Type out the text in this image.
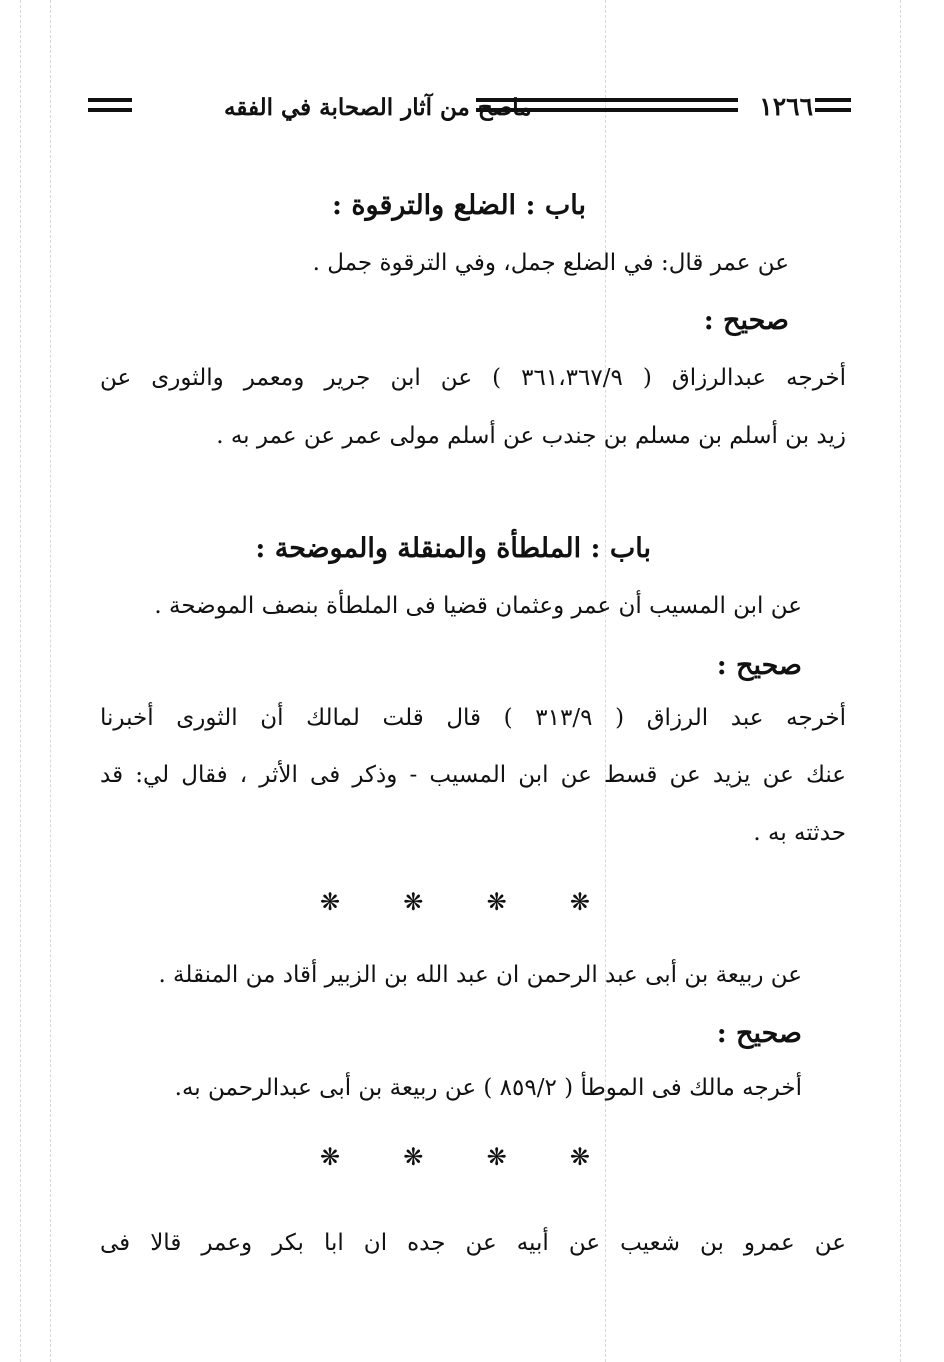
١٢٦٦
ماصح من آثار الصحابة في الفقه
باب : الضلع والترقوة :
عن عمر قال: في الضلع جمل، وفي الترقوة جمل .
صحيح :
أخرجه عبدالرزاق ( ٣٦١،٣٦٧/٩ ) عن ابن جرير ومعمر والثورى عن
زيد بن أسلم بن مسلم بن جندب عن أسلم مولى عمر عن عمر به .
باب : الملطأة والمنقلة والموضحة :
عن ابن المسيب أن عمر وعثمان قضيا فى الملطأة بنصف الموضحة .
صحيح :
أخرجه عبد الرزاق ( ٣١٣/٩ ) قال قلت لمالك أن الثورى أخبرنا
عنك عن يزيد عن قسط عن ابن المسيب - وذكر فى الأثر ، فقال لي: قد
حدثته به .
❋
❋
❋
❋
عن ربيعة بن أبى عبد الرحمن ان عبد الله بن الزبير أقاد من المنقلة .
صحيح :
أخرجه مالك فى الموطأ ( ٨٥٩/٢ ) عن ربيعة بن أبى عبدالرحمن به.
❋
❋
❋
❋
عن عمرو بن شعيب عن أبيه عن جده ان ابا بكر وعمر قالا فى
